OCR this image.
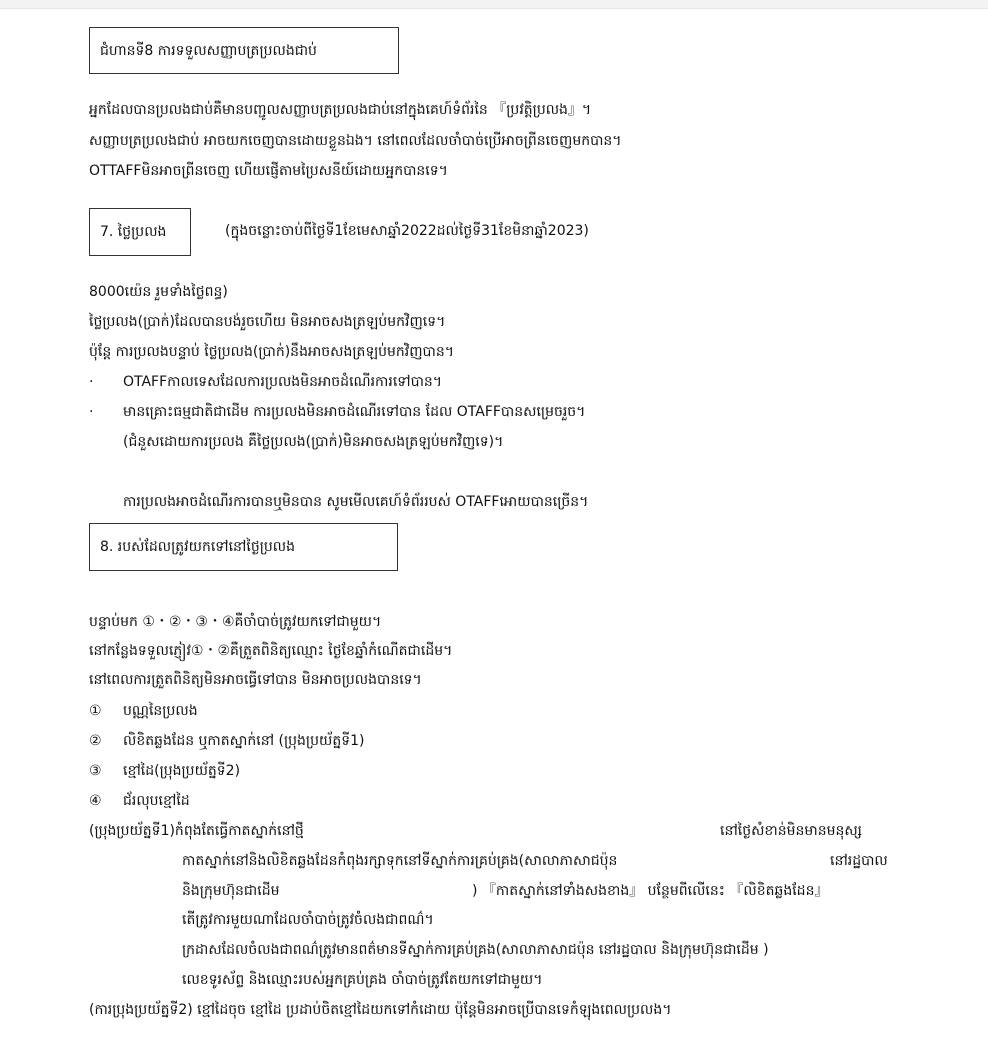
ជំហានទី8 ការទទួលសញ្ញាបត្រប្រលងជាប់
អ្នកដែលបានប្រលងជាប់គឺមានបញ្ជូលសញ្ញាបត្រប្រលងជាប់នៅក្នុងគេហ៍ទំព័រនៃ 『ប្រវត្តិប្រលង』។
សញ្ញាបត្រប្រលងជាប់ អាចយកចេញបានដោយខ្លួនឯង។ នៅពេលដែលចាំបាច់ប្រើអាចព្រីនចេញមកបាន។
OTTAFFមិនអាចព្រីនចេញ ហើយផ្ញើតាមប្រៃសនីយ៍ដោយអ្នកបានទេ។
7. ថ្លៃប្រលង	(ក្នុងចន្លោះចាប់ពីថ្ងៃទី1ខែមេសាឆ្នាំ2022ដល់ថ្ងៃទី31ខែមិនាឆ្នាំ2023)
8000យ៉េន រួមទាំងថ្លៃពន្ធ)
ថ្លៃប្រលង(ប្រាក់)ដែលបានបង់រួចហើយ មិនអាចសងត្រឡប់មកវិញទេ។
ប៉ុន្តែ ការប្រលងបន្ទាប់ ថ្លៃប្រលង(ប្រាក់)នឹងអាចសងត្រឡប់មកវិញបាន។
· OTAFFកាលទេសដែលការប្រលងមិនអាចដំណើរការទៅបាន។
· មានគ្រោះធម្មជាតិជាដើម ការប្រលងមិនអាចដំណើរទៅបាន ដែល OTAFFបានសម្រេចរួច។
(ជំនួសដោយការប្រលង គឺថ្លៃប្រលង(ប្រាក់)មិនអាចសងត្រឡប់មកវិញទេ)។
ការប្រលងអាចដំណើរការបានឬមិនបាន សូមមើលគេហ៍ទំព័ររបស់ OTAFFអោយបានច្រើន។
8. របស់ដែលត្រូវយកទៅនៅថ្ងៃប្រលង
បន្ទាប់មក ①・②・③・④គឺចាំបាច់ត្រូវយកទៅជាមួយ។
នៅកន្លែងទទួលភ្ញៀវ①・②គឺត្រួតពិនិត្យឈ្មោះ ថ្ងៃខែឆ្នាំកំណើតជាដើម។
នៅពេលការត្រួតពិនិត្យមិនអាចធ្វើទៅបាន មិនអាចប្រលងបានទេ។
① បណ្ណនៃប្រលង
② លិខិតឆ្លងដែន ឬកាតស្នាក់នៅ (ប្រុងប្រយ័ត្នទី1)
③ ខ្មៅដៃ(ប្រុងប្រយ័ត្នទី2)
④ ជ័រលុបខ្មៅដៃ
(ប្រុងប្រយ័ត្នទី1)កំពុងតែធ្វើកាតស្នាក់នៅថ្មី	នៅថ្ងៃសំខាន់មិនមានមនុស្ស
កាតស្នាក់នៅនិងលិខិតឆ្លងដែនកំពុងរក្សាទុកនៅទីស្នាក់ការគ្រប់គ្រង(សាលាភាសាជប៉ុន	នៅរដ្ឋបាល
និងក្រុមហ៊ុនជាដើម	) 『កាតស្នាក់នៅទាំងសងខាង』 បន្ថែមពីលើនេះ 『លិខិតឆ្លងដែន』
តើត្រូវការមួយណាដែលចាំបាច់ត្រូវចំលងជាពណ៌។
ក្រដាសដែលចំលងជាពណ៌ត្រូវមានពត៌មានទីស្នាក់ការគ្រប់គ្រង(សាលាភាសាជប៉ុន នៅរដ្ឋបាល និងក្រុមហ៊ុនជាដើម )
លេខទូរស័ព្ទ និងឈ្មោះរបស់អ្នកគ្រប់គ្រង ចាំបាច់ត្រូវតែយកទៅជាមួយ។
(ការប្រុងប្រយ័ត្នទី2) ខ្មៅដៃចុច ខ្មៅដៃ ប្រដាប់ចិតខ្មៅដៃយកទៅកំដោយ ប៉ុន្តែមិនអាចប្រើបានទេកំឡុងពេលប្រលង។
